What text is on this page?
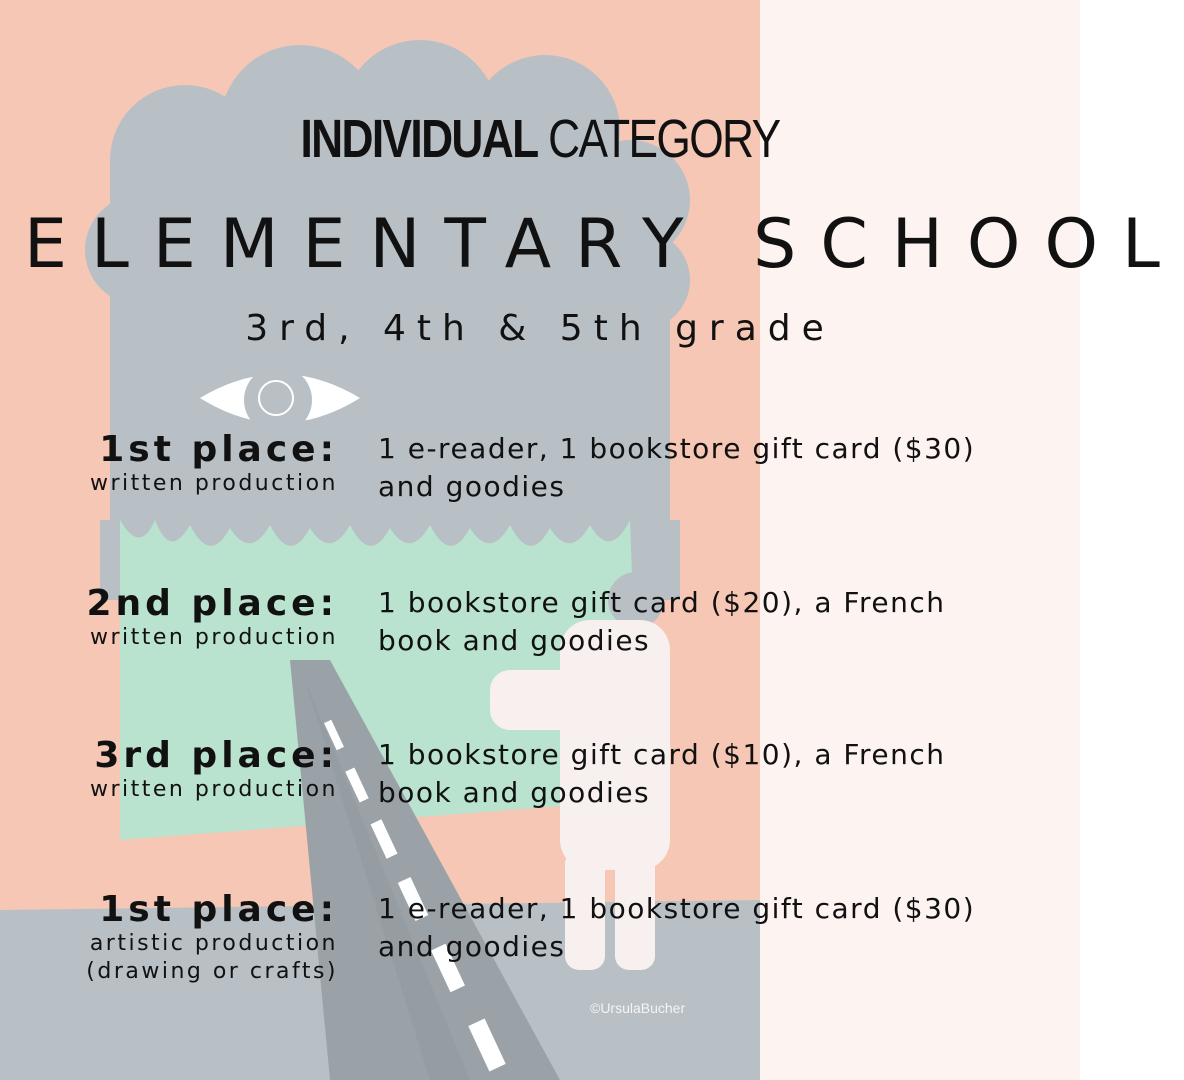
INDIVIDUAL CATEGORY
ELEMENTARY SCHOOL
3rd, 4th & 5th grade
1st place:
written production
1 e-reader, 1 bookstore gift card ($30) and goodies
2nd place:
written production
1 bookstore gift card ($20), a French book and goodies
3rd place:
written production
1 bookstore gift card ($10), a French book and goodies
1st place:
artistic production
(drawing or crafts)
1 e-reader, 1 bookstore gift card ($30) and goodies
©UrsulaBucher
